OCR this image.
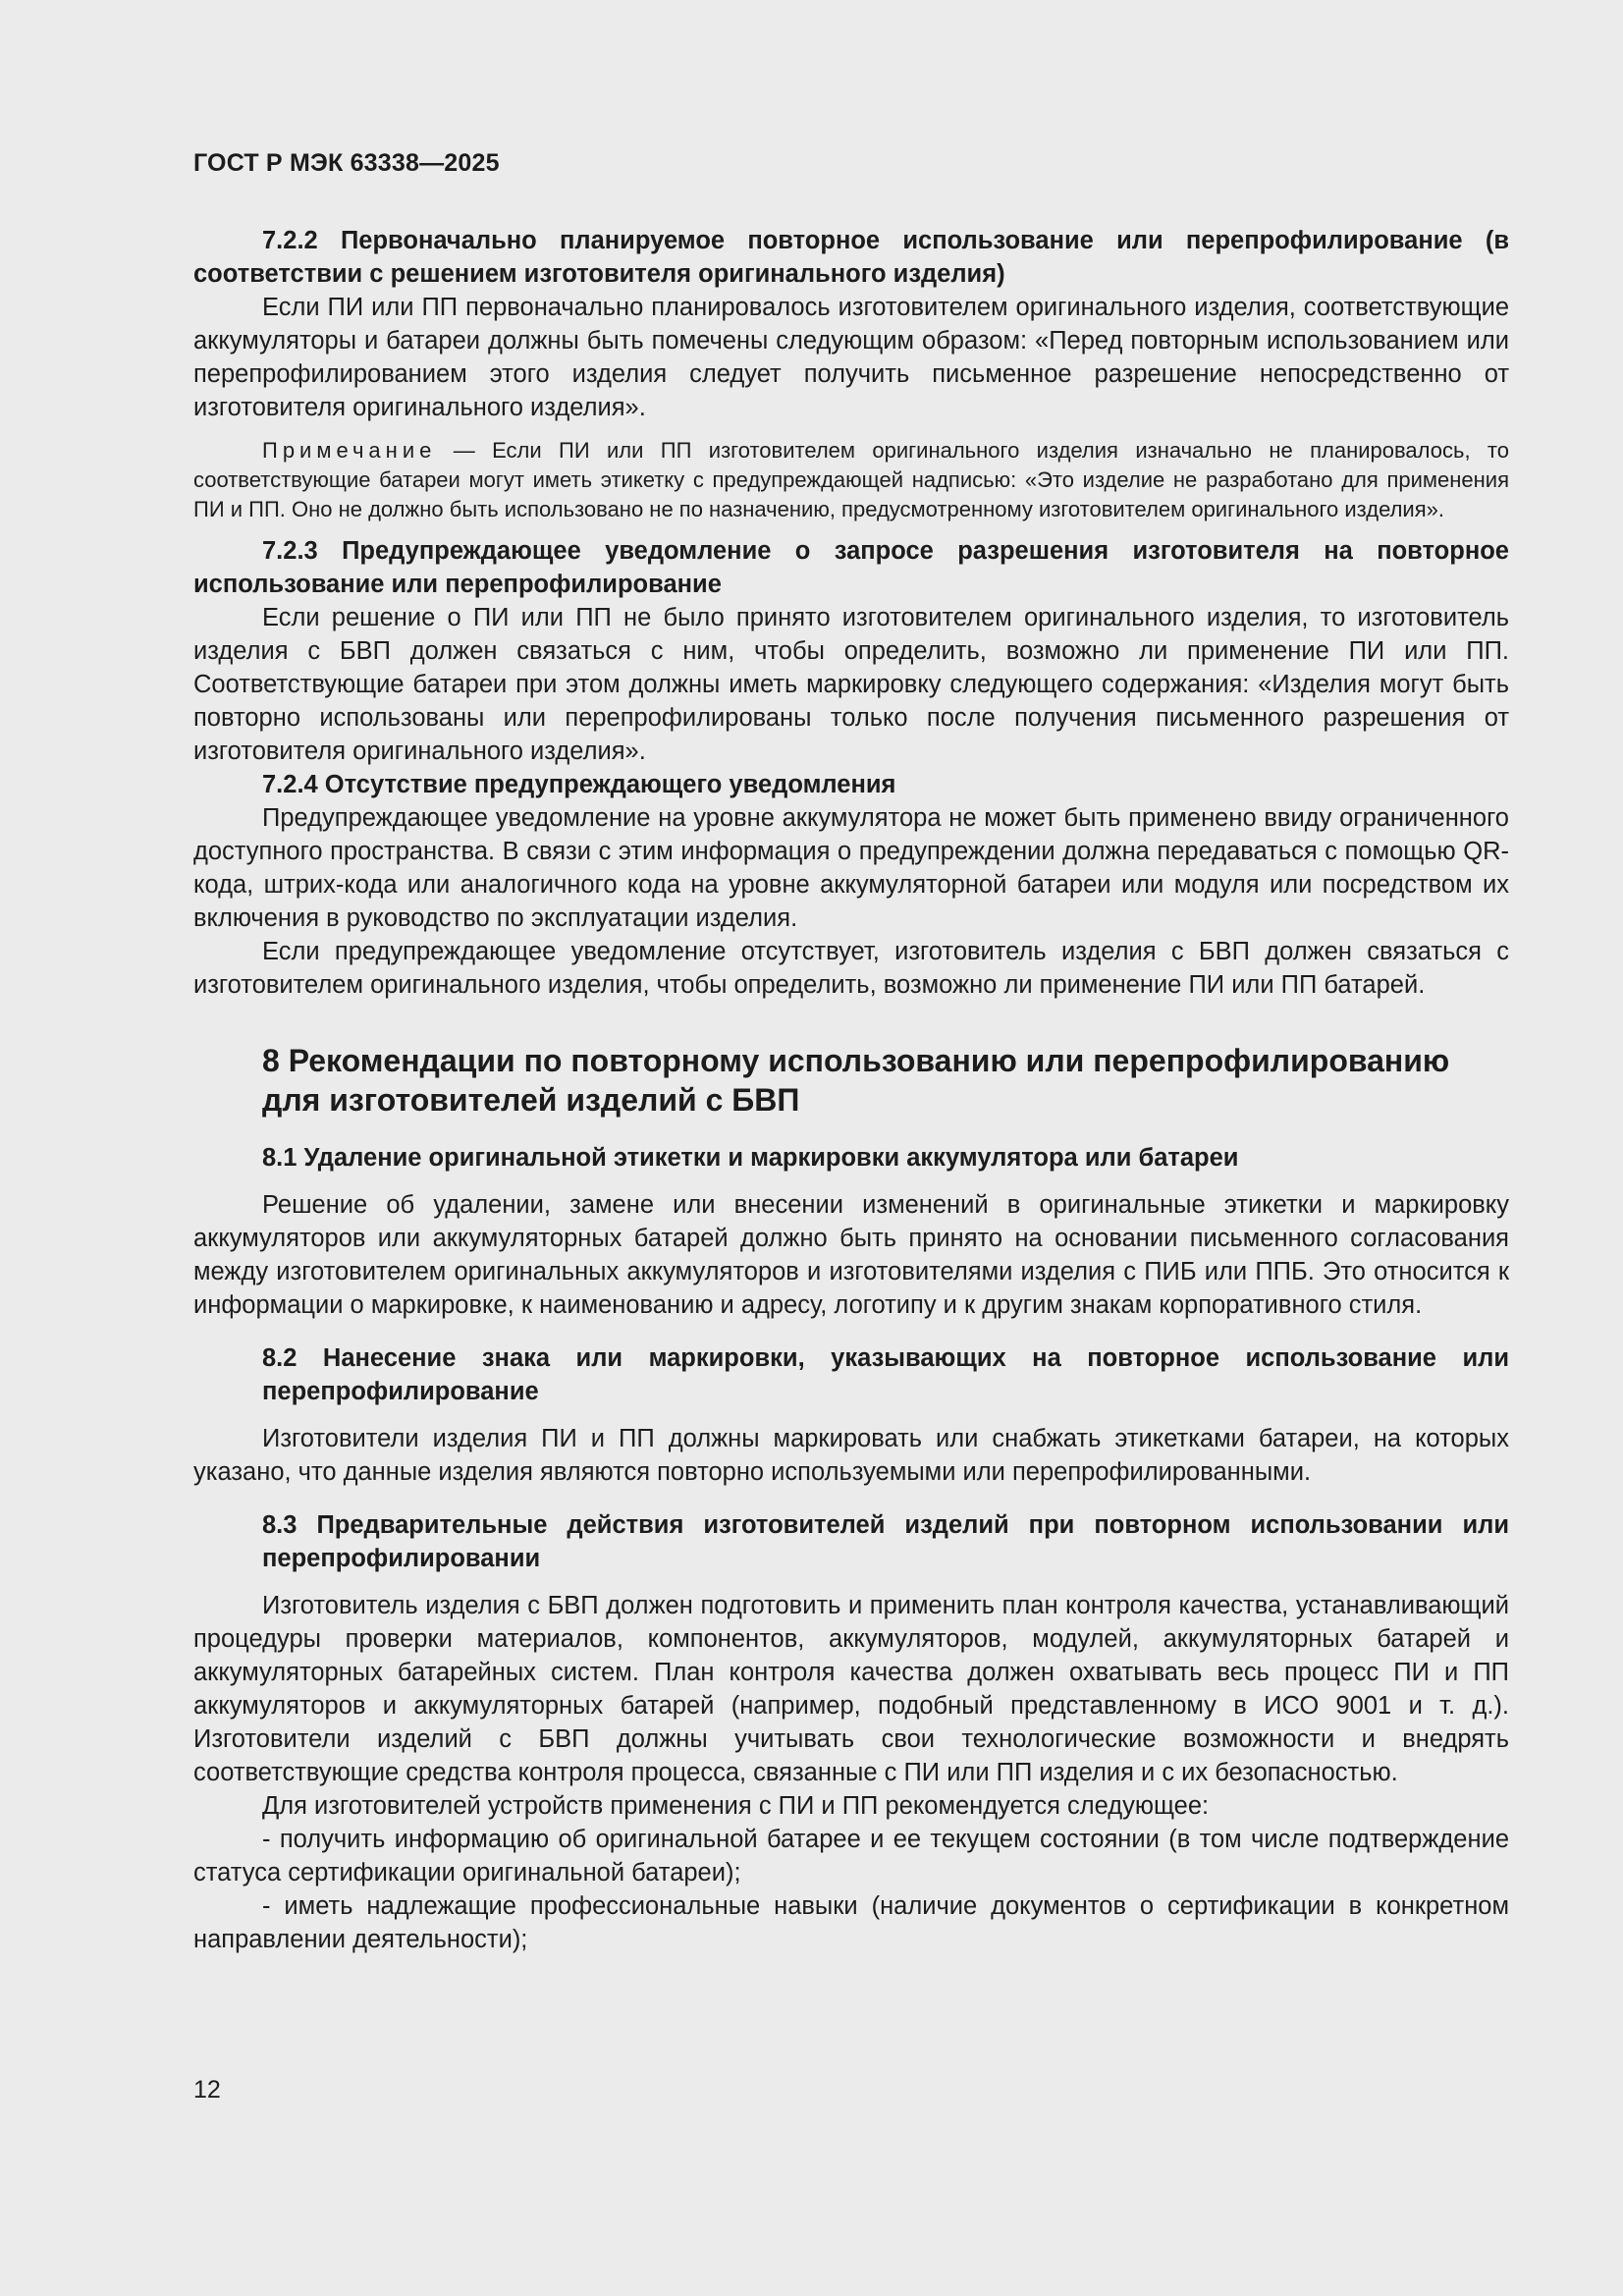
ГОСТ Р МЭК 63338—2025

7.2.2 Первоначально планируемое повторное использование или перепрофилирование (в соответствии с решением изготовителя оригинального изделия)

Если ПИ или ПП первоначально планировалось изготовителем оригинального изделия, соответствующие аккумуляторы и батареи должны быть помечены следующим образом: «Перед повторным использованием или перепрофилированием этого изделия следует получить письменное разрешение непосредственно от изготовителя оригинального изделия».

Примечание — Если ПИ или ПП изготовителем оригинального изделия изначально не планировалось, то соответствующие батареи могут иметь этикетку с предупреждающей надписью: «Это изделие не разработано для применения ПИ и ПП. Оно не должно быть использовано не по назначению, предусмотренному изготовителем оригинального изделия».

7.2.3 Предупреждающее уведомление о запросе разрешения изготовителя на повторное использование или перепрофилирование

Если решение о ПИ или ПП не было принято изготовителем оригинального изделия, то изготовитель изделия с БВП должен связаться с ним, чтобы определить, возможно ли применение ПИ или ПП. Соответствующие батареи при этом должны иметь маркировку следующего содержания: «Изделия могут быть повторно использованы или перепрофилированы только после получения письменного разрешения от изготовителя оригинального изделия».

7.2.4 Отсутствие предупреждающего уведомления

Предупреждающее уведомление на уровне аккумулятора не может быть применено ввиду ограниченного доступного пространства. В связи с этим информация о предупреждении должна передаваться с помощью QR-кода, штрих-кода или аналогичного кода на уровне аккумуляторной батареи или модуля или посредством их включения в руководство по эксплуатации изделия.

Если предупреждающее уведомление отсутствует, изготовитель изделия с БВП должен связаться с изготовителем оригинального изделия, чтобы определить, возможно ли применение ПИ или ПП батарей.

8 Рекомендации по повторному использованию или перепрофилированию для изготовителей изделий с БВП

8.1 Удаление оригинальной этикетки и маркировки аккумулятора или батареи

Решение об удалении, замене или внесении изменений в оригинальные этикетки и маркировку аккумуляторов или аккумуляторных батарей должно быть принято на основании письменного согласования между изготовителем оригинальных аккумуляторов и изготовителями изделия с ПИБ или ППБ. Это относится к информации о маркировке, к наименованию и адресу, логотипу и к другим знакам корпоративного стиля.

8.2 Нанесение знака или маркировки, указывающих на повторное использование или перепрофилирование

Изготовители изделия ПИ и ПП должны маркировать или снабжать этикетками батареи, на которых указано, что данные изделия являются повторно используемыми или перепрофилированными.

8.3 Предварительные действия изготовителей изделий при повторном использовании или перепрофилировании

Изготовитель изделия с БВП должен подготовить и применить план контроля качества, устанавливающий процедуры проверки материалов, компонентов, аккумуляторов, модулей, аккумуляторных батарей и аккумуляторных батарейных систем. План контроля качества должен охватывать весь процесс ПИ и ПП аккумуляторов и аккумуляторных батарей (например, подобный представленному в ИСО 9001 и т. д.). Изготовители изделий с БВП должны учитывать свои технологические возможности и внедрять соответствующие средства контроля процесса, связанные с ПИ или ПП изделия и с их безопасностью.

Для изготовителей устройств применения с ПИ и ПП рекомендуется следующее:

- получить информацию об оригинальной батарее и ее текущем состоянии (в том числе подтверждение статуса сертификации оригинальной батареи);

- иметь надлежащие профессиональные навыки (наличие документов о сертификации в конкретном направлении деятельности);

12
